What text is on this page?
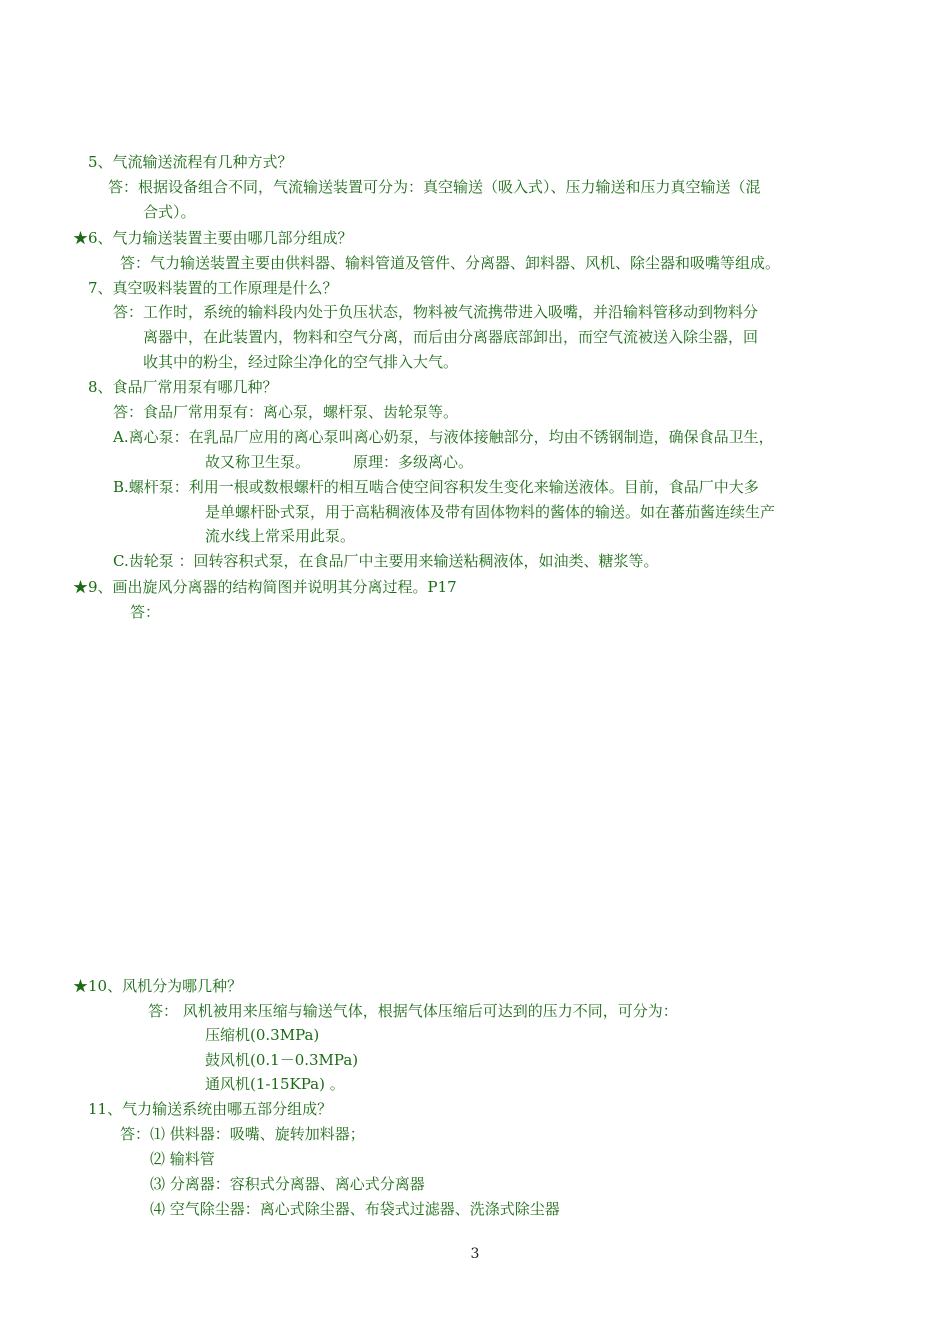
5、气流输送流程有几种方式？
答：根据设备组合不同，气流输送装置可分为：真空输送（吸入式）、压力输送和压力真空输送（混
合式）。
★6、气力输送装置主要由哪几部分组成？
答：气力输送装置主要由供料器、输料管道及管件、分离器、卸料器、风机、除尘器和吸嘴等组成。
7、真空吸料装置的工作原理是什么？
答：工作时，系统的输料段内处于负压状态，物料被气流携带进入吸嘴，并沿输料管移动到物料分
离器中，在此装置内，物料和空气分离，而后由分离器底部卸出，而空气流被送入除尘器，回
收其中的粉尘，经过除尘净化的空气排入大气。
8、食品厂常用泵有哪几种？
答：食品厂常用泵有：离心泵，螺杆泵、齿轮泵等。
A.离心泵：在乳品厂应用的离心泵叫离心奶泵，与液体接触部分，均由不锈钢制造，确保食品卫生，
故又称卫生泵。	原理：多级离心。
B.螺杆泵：利用一根或数根螺杆的相互啮合使空间容积发生变化来输送液体。目前，食品厂中大多
是单螺杆卧式泵，用于高粘稠液体及带有固体物料的酱体的输送。如在蕃茄酱连续生产
流水线上常采用此泵。
C.齿轮泵 ：回转容积式泵，在食品厂中主要用来输送粘稠液体，如油类、糖浆等。
★9、画出旋风分离器的结构简图并说明其分离过程。P17
答：
★10、风机分为哪几种？
答： 风机被用来压缩与输送气体，根据气体压缩后可达到的压力不同，可分为：
压缩机(0.3MPa)
鼓风机(0.1－0.3MPa)
通风机(1-15KPa) 。
11、气力输送系统由哪五部分组成？
答：⑴ 供料器：吸嘴、旋转加料器；
⑵ 输料管
⑶ 分离器：容积式分离器、离心式分离器
⑷ 空气除尘器：离心式除尘器、布袋式过滤器、洗涤式除尘器
3
